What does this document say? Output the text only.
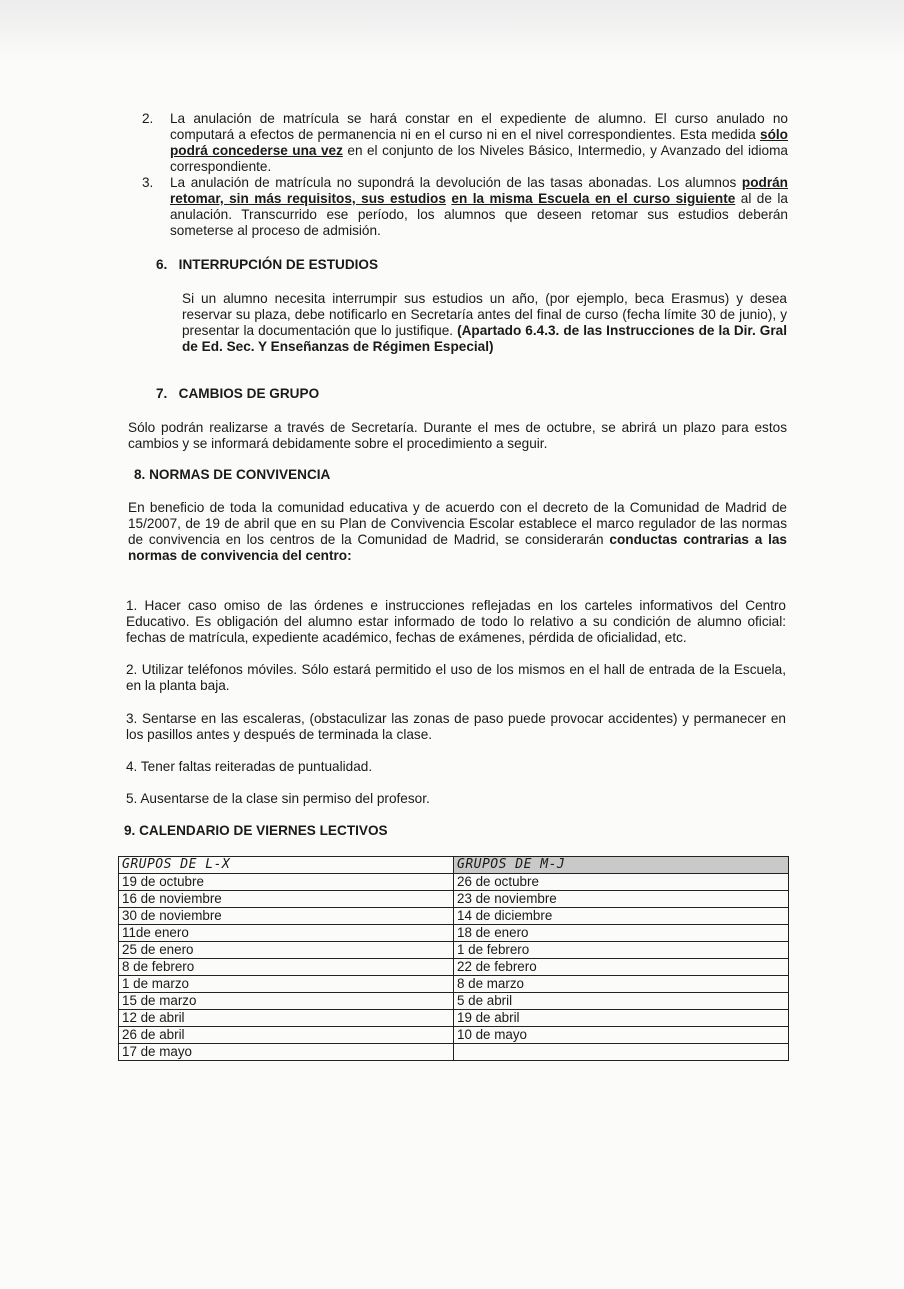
2. La anulación de matrícula se hará constar en el expediente de alumno. El curso anulado no computará a efectos de permanencia ni en el curso ni en el nivel correspondientes. Esta medida sólo podrá concederse una vez en el conjunto de los Niveles Básico, Intermedio, y Avanzado del idioma correspondiente.
3. La anulación de matrícula no supondrá la devolución de las tasas abonadas. Los alumnos podrán retomar, sin más requisitos, sus estudios en la misma Escuela en el curso siguiente al de la anulación. Transcurrido ese período, los alumnos que deseen retomar sus estudios deberán someterse al proceso de admisión.
6.   INTERRUPCIÓN DE ESTUDIOS
Si un alumno necesita interrumpir sus estudios un año, (por ejemplo, beca Erasmus) y desea reservar su plaza, debe notificarlo en Secretaría antes del final de curso (fecha límite 30 de junio), y presentar la documentación que lo justifique. (Apartado 6.4.3. de las Instrucciones de la Dir. Gral de Ed. Sec. Y Enseñanzas de Régimen Especial)
7.   CAMBIOS DE GRUPO
Sólo podrán realizarse a través de Secretaría. Durante el mes de octubre, se abrirá un plazo para estos cambios y se informará debidamente sobre el procedimiento a seguir.
8. NORMAS DE CONVIVENCIA
En beneficio de toda la comunidad educativa y de acuerdo con el decreto de la Comunidad de Madrid de 15/2007, de 19 de abril que en su Plan de Convivencia Escolar establece el marco regulador de las normas de convivencia en los centros de la Comunidad de Madrid, se considerarán conductas contrarias a las normas de convivencia del centro:
1. Hacer caso omiso de las órdenes e instrucciones reflejadas en los carteles informativos del Centro Educativo. Es obligación del alumno estar informado de todo lo relativo a su condición de alumno oficial: fechas de matrícula, expediente académico, fechas de exámenes, pérdida de oficialidad, etc.
2. Utilizar teléfonos móviles. Sólo estará permitido el uso de los mismos en el hall de entrada de la Escuela, en la planta baja.
3. Sentarse en las escaleras, (obstaculizar las zonas de paso puede provocar accidentes) y permanecer en los pasillos antes y después de terminada la clase.
4. Tener faltas reiteradas de puntualidad.
5. Ausentarse de la clase sin permiso del profesor.
9. CALENDARIO DE VIERNES LECTIVOS
GRUPOS DE L-X	GRUPOS DE M-J
19 de octubre	26 de octubre
16 de noviembre	23 de noviembre
30 de noviembre	14 de diciembre
11de enero	18 de enero
25 de enero	1 de febrero
8 de febrero	22 de febrero
1 de marzo	8 de marzo
15 de marzo	5 de abril
12 de abril	19 de abril
26 de abril	10 de mayo
17 de mayo	
